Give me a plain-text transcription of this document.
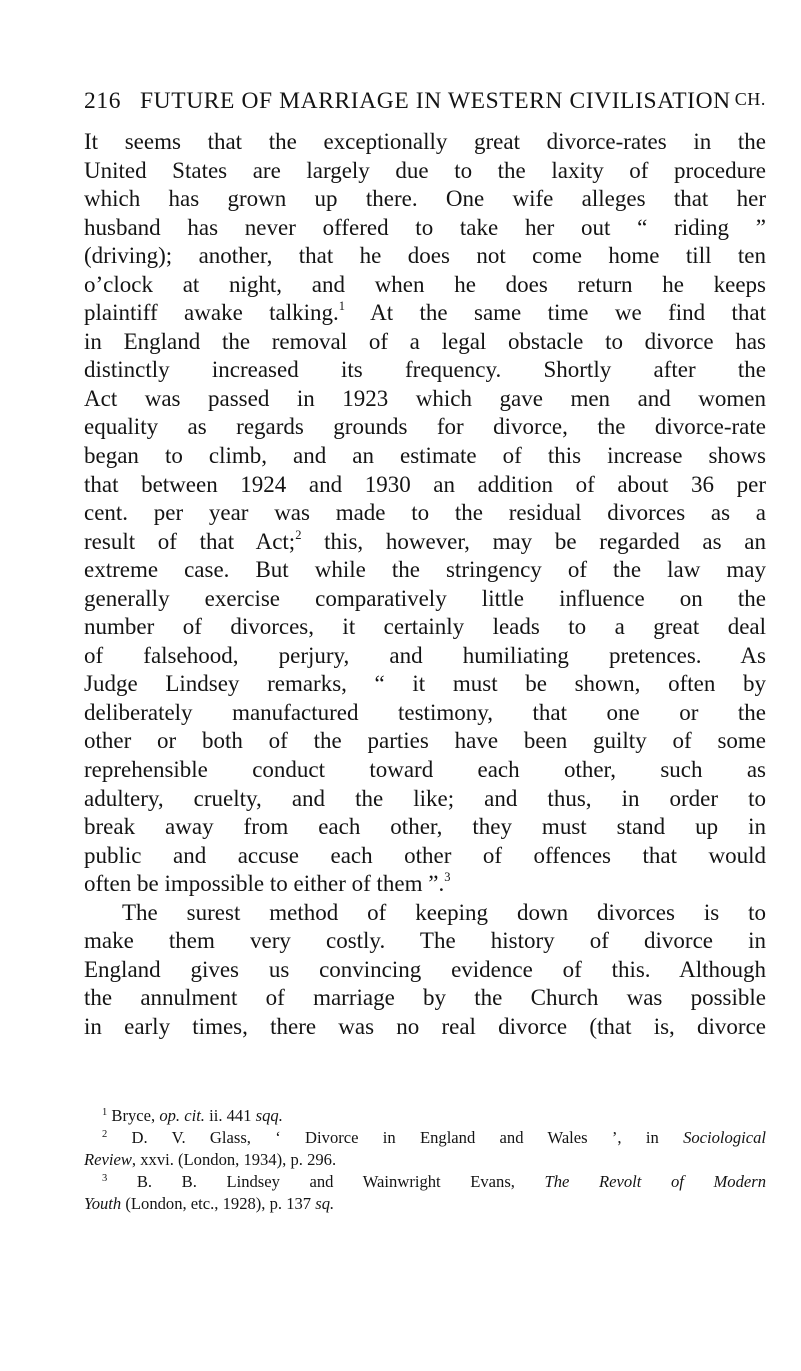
216 FUTURE OF MARRIAGE IN WESTERN CIVILISATION CH.
It seems that the exceptionally great divorce-rates in the
United States are largely due to the laxity of procedure
which has grown up there. One wife alleges that her
husband has never offered to take her out “ riding ”
(driving); another, that he does not come home till ten
o’clock at night, and when he does return he keeps
plaintiff awake talking.$^1$ At the same time we find that
in England the removal of a legal obstacle to divorce has
distinctly increased its frequency. Shortly after the
Act was passed in 1923 which gave men and women
equality as regards grounds for divorce, the divorce-rate
began to climb, and an estimate of this increase shows
that between 1924 and 1930 an addition of about 36 per
cent. per year was made to the residual divorces as a
result of that Act;$^2$ this, however, may be regarded as an
extreme case. But while the stringency of the law may
generally exercise comparatively little influence on the
number of divorces, it certainly leads to a great deal
of falsehood, perjury, and humiliating pretences. As
Judge Lindsey remarks, “ it must be shown, often by
deliberately manufactured testimony, that one or the
other or both of the parties have been guilty of some
reprehensible conduct toward each other, such as
adultery, cruelty, and the like; and thus, in order to
break away from each other, they must stand up in
public and accuse each other of offences that would
often be impossible to either of them ”.$^3$
The surest method of keeping down divorces is to
make them very costly. The history of divorce in
England gives us convincing evidence of this. Although
the annulment of marriage by the Church was possible
in early times, there was no real divorce (that is, divorce
$^1$ Bryce, op. cit. ii. 441 sqq.
$^2$ D. V. Glass, ‘ Divorce in England and Wales ’, in Sociological
Review, xxvi. (London, 1934), p. 296.
$^3$ B. B. Lindsey and Wainwright Evans, The Revolt of Modern
Youth (London, etc., 1928), p. 137 sq.
